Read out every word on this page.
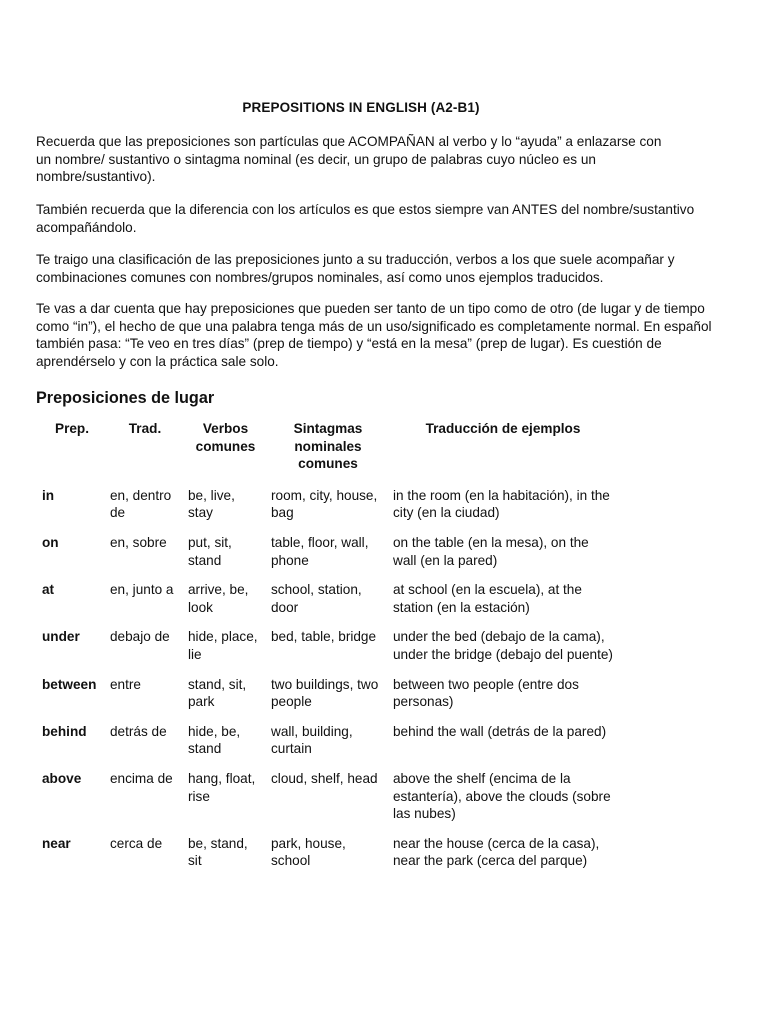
PREPOSITIONS IN ENGLISH (A2-B1)

Recuerda que las preposiciones son partículas que ACOMPAÑAN al verbo y lo “ayuda” a enlazarse con un nombre/ sustantivo o sintagma nominal (es decir, un grupo de palabras cuyo núcleo es un nombre/sustantivo).

También recuerda que la diferencia con los artículos es que estos siempre van ANTES del nombre/sustantivo acompañándolo.

Te traigo una clasificación de las preposiciones junto a su traducción, verbos a los que suele acompañar y combinaciones comunes con nombres/grupos nominales, así como unos ejemplos traducidos.

Te vas a dar cuenta que hay preposiciones que pueden ser tanto de un tipo como de otro (de lugar y de tiempo como “in”), el hecho de que una palabra tenga más de un uso/significado es completamente normal. En español también pasa: “Te veo en tres días” (prep de tiempo) y “está en la mesa” (prep de lugar). Es cuestión de aprendérselo y con la práctica sale solo.

Preposiciones de lugar
Prep.	Trad.	Verbos comunes	Sintagmas nominales comunes	Traducción de ejemplos
in	en, dentro de	be, live, stay	room, city, house, bag	in the room (en la habitación), in the city (en la ciudad)
on	en, sobre	put, sit, stand	table, floor, wall, phone	on the table (en la mesa), on the wall (en la pared)
at	en, junto a	arrive, be, look	school, station, door	at school (en la escuela), at the station (en la estación)
under	debajo de	hide, place, lie	bed, table, bridge	under the bed (debajo de la cama), under the bridge (debajo del puente)
between	entre	stand, sit, park	two buildings, two people	between two people (entre dos personas)
behind	detrás de	hide, be, stand	wall, building, curtain	behind the wall (detrás de la pared)
above	encima de	hang, float, rise	cloud, shelf, head	above the shelf (encima de la estantería), above the clouds (sobre las nubes)
near	cerca de	be, stand, sit	park, house, school	near the house (cerca de la casa), near the park (cerca del parque)
